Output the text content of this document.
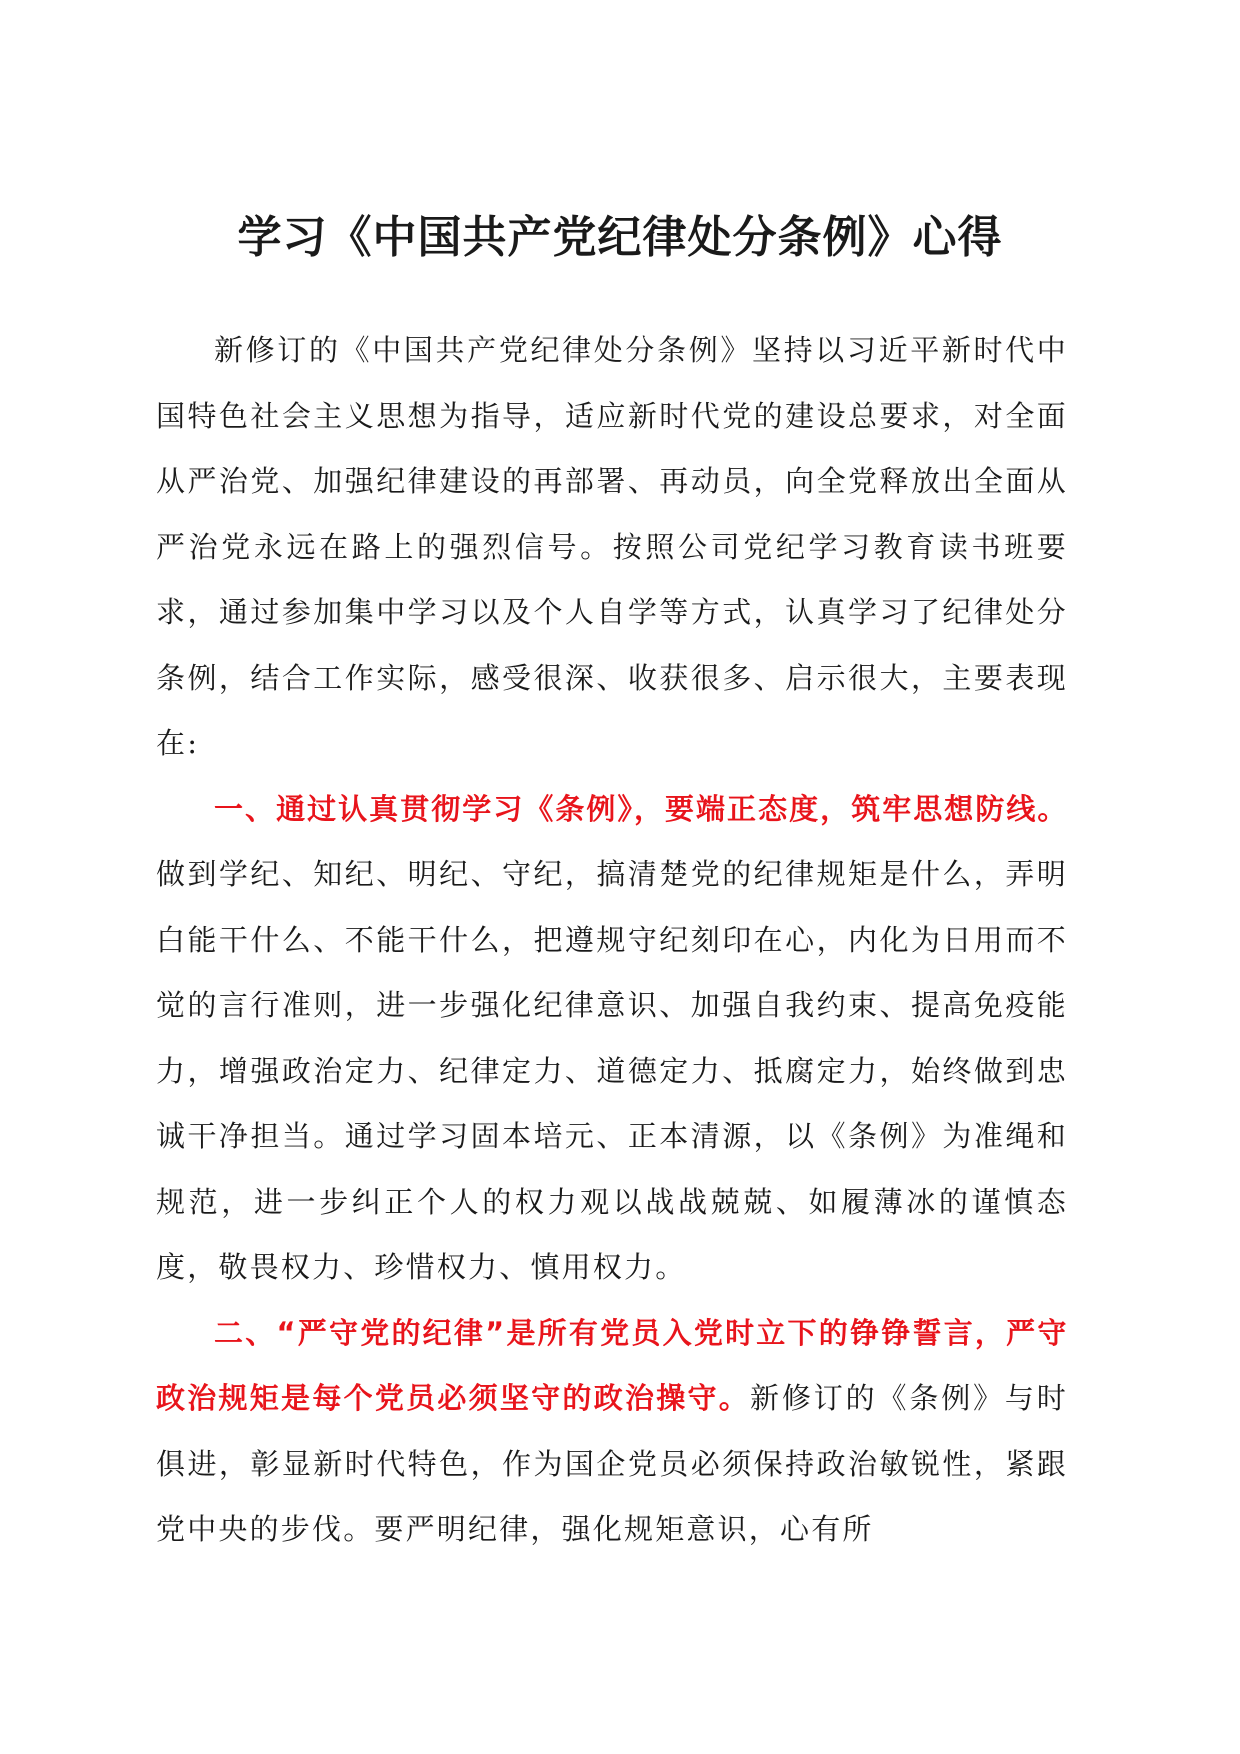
学习《中国共产党纪律处分条例》心得

新修订的《中国共产党纪律处分条例》坚持以习近平新时代中国特色社会主义思想为指导，适应新时代党的建设总要求，对全面从严治党、加强纪律建设的再部署、再动员，向全党释放出全面从严治党永远在路上的强烈信号。按照公司党纪学习教育读书班要求，通过参加集中学习以及个人自学等方式，认真学习了纪律处分条例，结合工作实际，感受很深、收获很多、启示很大，主要表现在:

一、通过认真贯彻学习《条例》，要端正态度，筑牢思想防线。做到学纪、知纪、明纪、守纪，搞清楚党的纪律规矩是什么，弄明白能干什么、不能干什么，把遵规守纪刻印在心，内化为日用而不觉的言行准则，进一步强化纪律意识、加强自我约束、提高免疫能力，增强政治定力、纪律定力、道德定力、抵腐定力，始终做到忠诚干净担当。通过学习固本培元、正本清源，以《条例》为准绳和规范，进一步纠正个人的权力观以战战兢兢、如履薄冰的谨慎态度，敬畏权力、珍惜权力、慎用权力。

二、“严守党的纪律”是所有党员入党时立下的铮铮誓言，严守政治规矩是每个党员必须坚守的政治操守。新修订的《条例》与时俱进，彰显新时代特色，作为国企党员必须保持政治敏锐性，紧跟党中央的步伐。要严明纪律，强化规矩意识，心有所
